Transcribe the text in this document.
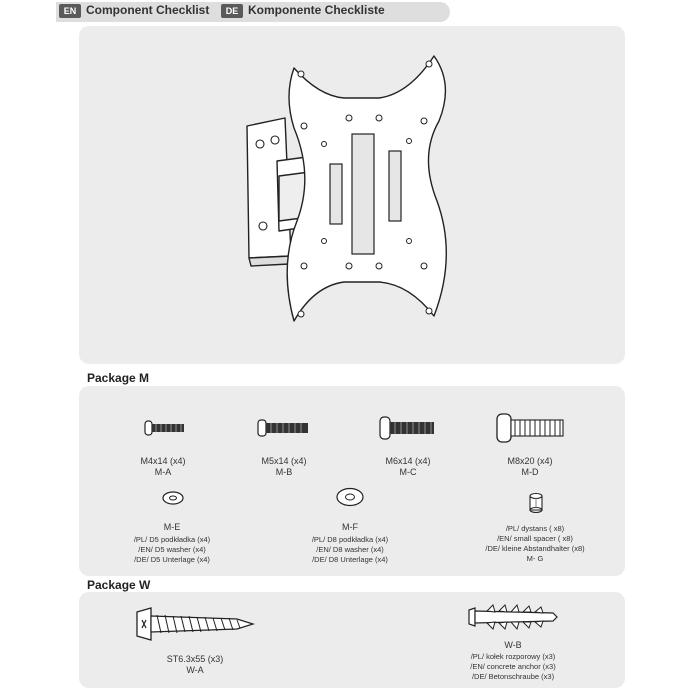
EN Component Checklist	DE Komponente Checkliste
Package M
M4x14 (x4)
M-A
M5x14 (x4)
M-B
M6x14 (x4)
M-C
M8x20 (x4)
M-D
M-E
/PL/ D5 podkładka (x4)
/EN/ D5 washer (x4)
/DE/ D5 Unterlage (x4)
M-F
/PL/ D8 podkładka (x4)
/EN/ D8 washer (x4)
/DE/ D8 Unterlage (x4)
/PL/ dystans ( x8)
/EN/ small spacer ( x8)
/DE/ kleine Abstandhalter (x8)
M- G
Package W
ST6.3x55 (x3)
W-A
W-B
/PL/ kołek rozporowy (x3)
/EN/ concrete anchor (x3)
/DE/ Betonschraube (x3)
